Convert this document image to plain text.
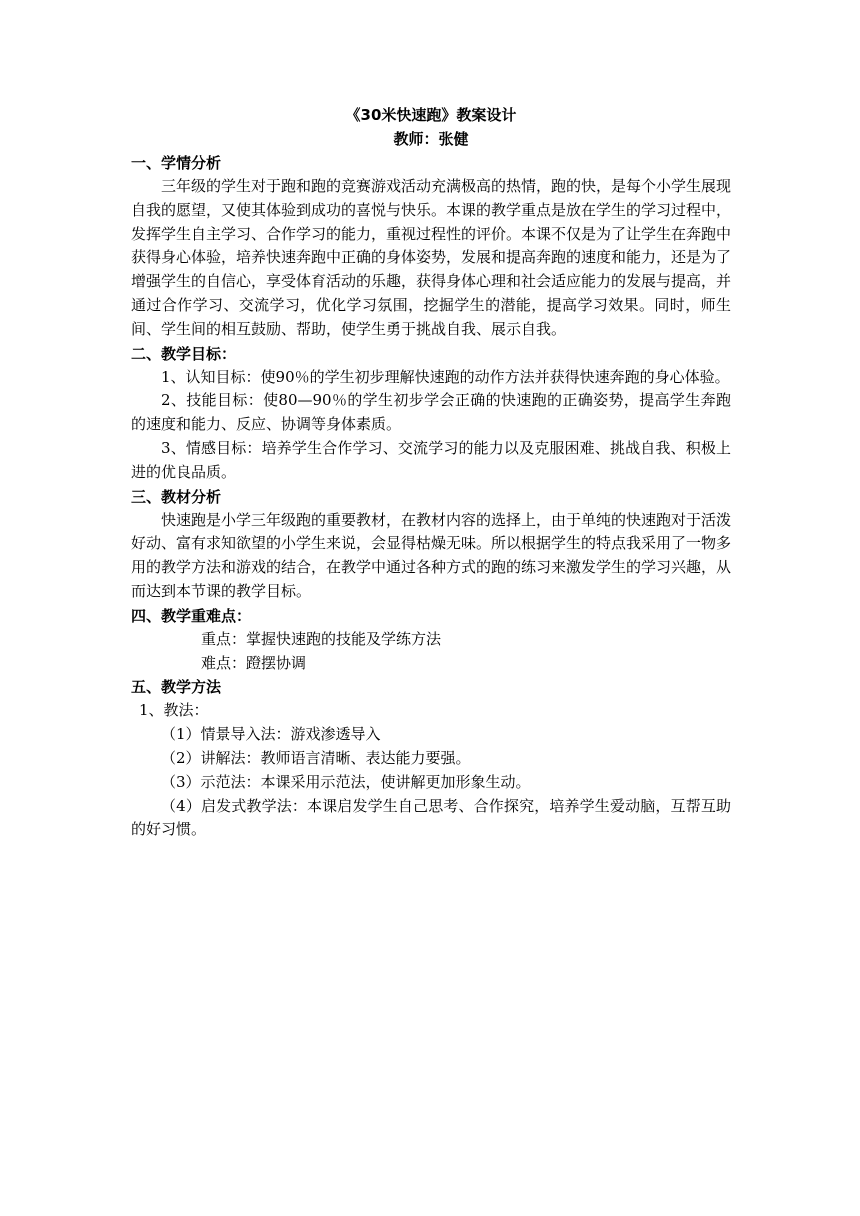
《30米快速跑》教案设计
教师：张健
一、学情分析

三年级的学生对于跑和跑的竞赛游戏活动充满极高的热情，跑的快，是每个小学生展现自我的愿望，又使其体验到成功的喜悦与快乐。本课的教学重点是放在学生的学习过程中，发挥学生自主学习、合作学习的能力，重视过程性的评价。本课不仅是为了让学生在奔跑中获得身心体验，培养快速奔跑中正确的身体姿势，发展和提高奔跑的速度和能力，还是为了增强学生的自信心，享受体育活动的乐趣，获得身体心理和社会适应能力的发展与提高，并通过合作学习、交流学习，优化学习氛围，挖掘学生的潜能，提高学习效果。同时，师生间、学生间的相互鼓励、帮助，使学生勇于挑战自我、展示自我。

二、教学目标：

1、认知目标：使90％的学生初步理解快速跑的动作方法并获得快速奔跑的身心体验。

2、技能目标：使80—90％的学生初步学会正确的快速跑的正确姿势，提高学生奔跑的速度和能力、反应、协调等身体素质。

3、情感目标：培养学生合作学习、交流学习的能力以及克服困难、挑战自我、积极上进的优良品质。

三、教材分析

快速跑是小学三年级跑的重要教材，在教材内容的选择上，由于单纯的快速跑对于活泼好动、富有求知欲望的小学生来说，会显得枯燥无味。所以根据学生的特点我采用了一物多用的教学方法和游戏的结合，在教学中通过各种方式的跑的练习来激发学生的学习兴趣，从而达到本节课的教学目标。

四、教学重难点：

重点：掌握快速跑的技能及学练方法

难点：蹬摆协调

五、教学方法

1、教法：

（1）情景导入法：游戏渗透导入

（2）讲解法：教师语言清晰、表达能力要强。

（3）示范法：本课采用示范法，使讲解更加形象生动。

（4）启发式教学法：本课启发学生自己思考、合作探究，培养学生爱动脑，互帮互助的好习惯。
